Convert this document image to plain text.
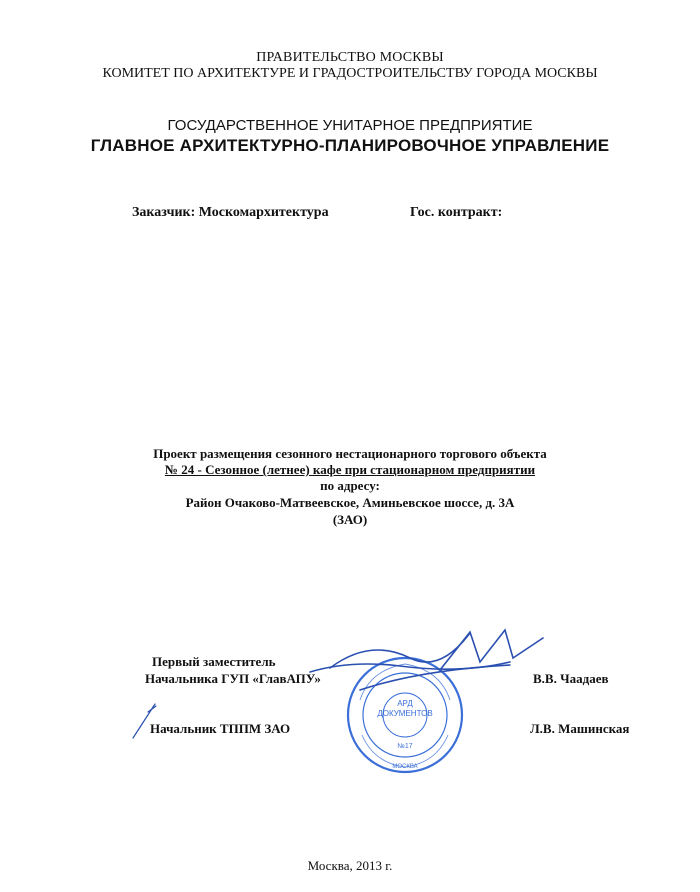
ПРАВИТЕЛЬСТВО МОСКВЫ
КОМИТЕТ ПО АРХИТЕКТУРЕ И ГРАДОСТРОИТЕЛЬСТВУ ГОРОДА МОСКВЫ
ГОСУДАРСТВЕННОЕ УНИТАРНОЕ ПРЕДПРИЯТИЕ
ГЛАВНОЕ АРХИТЕКТУРНО-ПЛАНИРОВОЧНОЕ УПРАВЛЕНИЕ
Заказчик: Москомархитектура	Гос. контракт:
Проект размещения сезонного нестационарного торгового объекта
№ 24 - Сезонное (летнее) кафе при стационарном предприятии
по адресу:
Район Очаково-Матвеевское, Аминьевское шоссе, д. 3А
(ЗАО)
АРД
ДОКУМЕНТОВ
№17
МОСКВА
Первый заместитель
Начальника ГУП «ГлавАПУ»	В.В. Чаадаев
Начальник ТППМ ЗАО	Л.В. Машинская
Москва, 2013 г.
